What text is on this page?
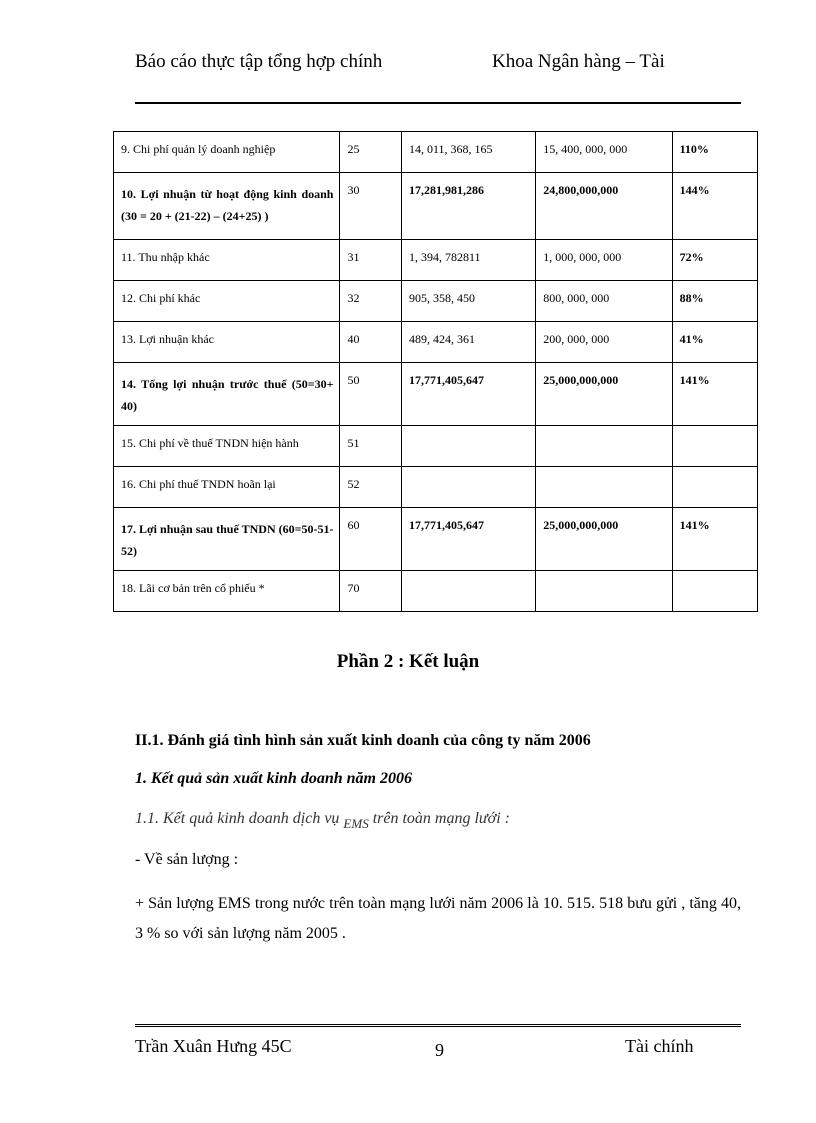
Báo cáo thực tập tổng hợp chính	Khoa Ngân hàng – Tài
9. Chi phí quản lý doanh nghiệp	25	14, 011, 368, 165	15, 400, 000, 000	110%
10. Lợi nhuận từ hoạt động kinh doanh (30 = 20 + (21-22) – (24+25) )	30	17,281,981,286	24,800,000,000	144%
11. Thu nhập khác	31	1, 394, 782811	1, 000, 000, 000	72%
12. Chi phí khác	32	905, 358, 450	800, 000, 000	88%
13. Lợi nhuận khác	40	489, 424, 361	200, 000, 000	41%
14. Tổng lợi nhuận trước thuế (50=30+ 40)	50	17,771,405,647	25,000,000,000	141%
15. Chi phí về thuế TNDN hiện hành	51			
16. Chi phí thuế TNDN hoãn lại	52			
17. Lợi nhuận sau thuế TNDN (60=50-51-52)	60	17,771,405,647	25,000,000,000	141%
18. Lãi cơ bản trên cổ phiếu *	70			
Phần 2 : Kết luận
II.1. Đánh giá tình hình sản xuất kinh doanh của công ty năm 2006
1. Kết quả sản xuất kinh doanh năm 2006
1.1. Kết quả kinh doanh dịch vụ $_{EMS}$ trên toàn mạng lưới :
- Về sản lượng :
+ Sản lượng EMS trong nước trên toàn mạng lưới năm 2006 là 10. 515. 518 bưu gửi , tăng 40, 3 % so với sản lượng năm 2005 .
Trần Xuân Hưng 45C	9	Tài chính
